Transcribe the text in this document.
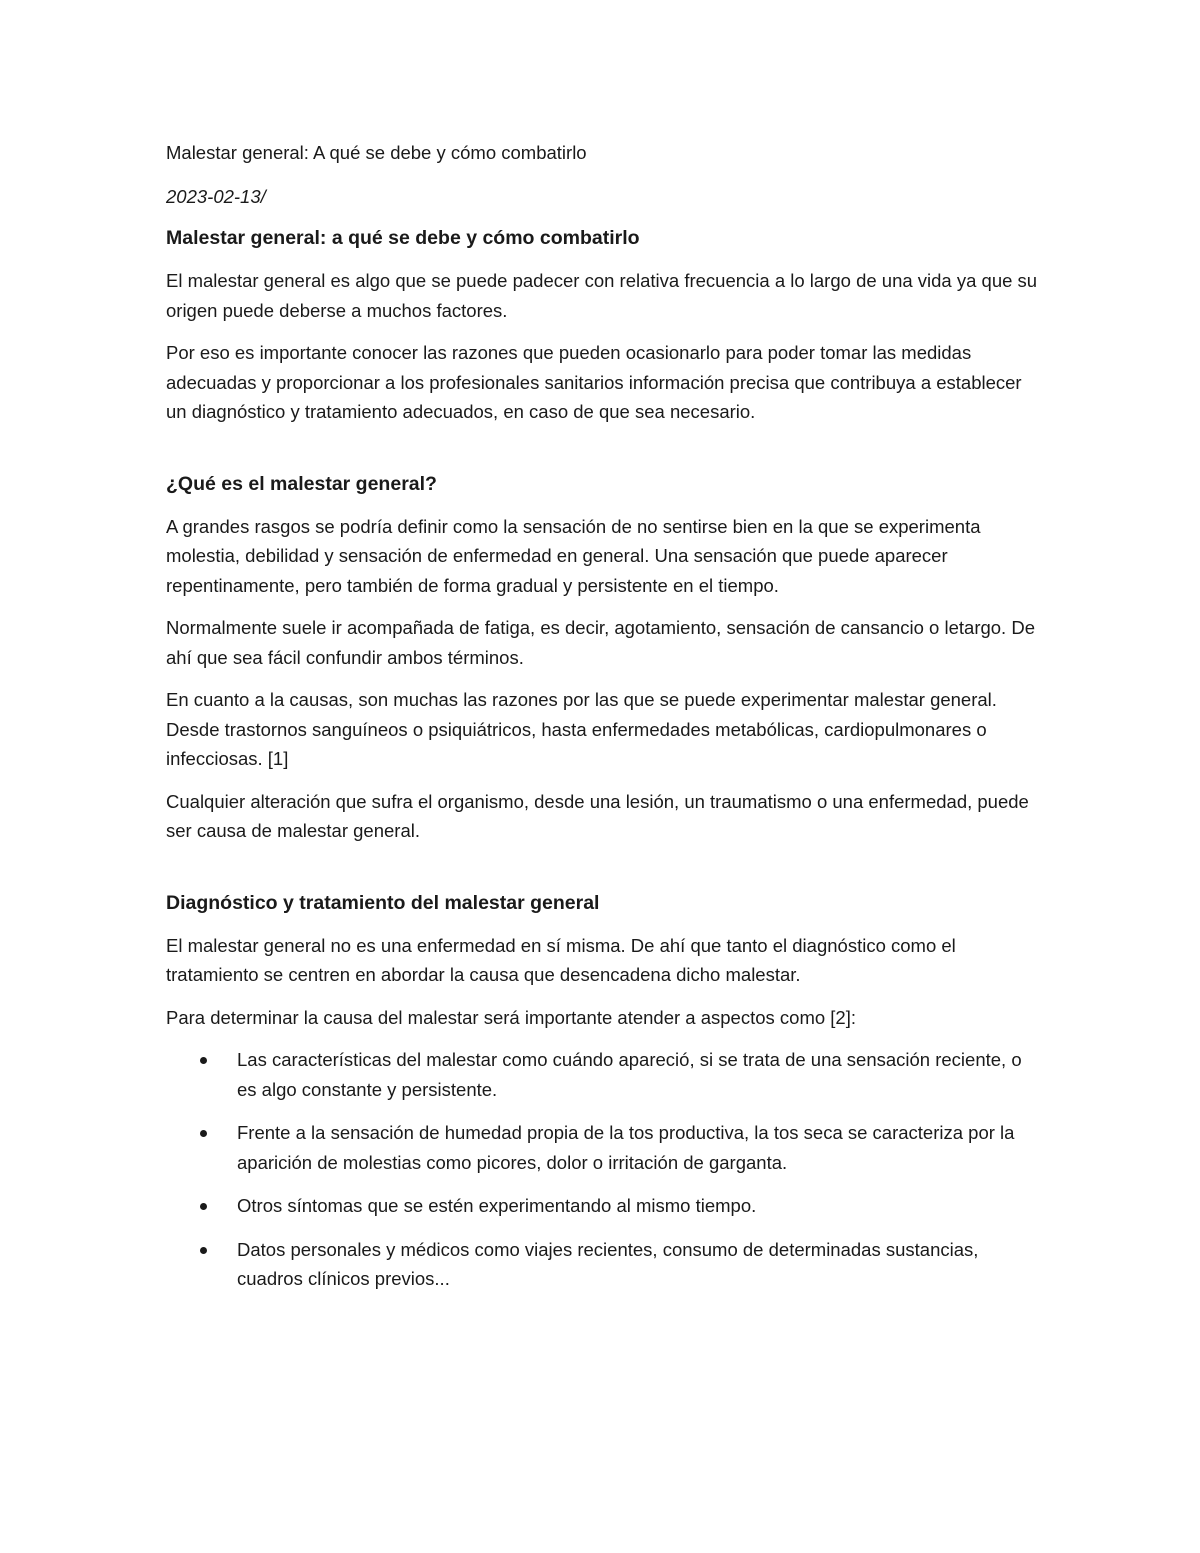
Malestar general: A qué se debe y cómo combatirlo

2023-02-13/

Malestar general: a qué se debe y cómo combatirlo

El malestar general es algo que se puede padecer con relativa frecuencia a lo largo de una vida ya que su origen puede deberse a muchos factores.

Por eso es importante conocer las razones que pueden ocasionarlo para poder tomar las medidas adecuadas y proporcionar a los profesionales sanitarios información precisa que contribuya a establecer un diagnóstico y tratamiento adecuados, en caso de que sea necesario.

¿Qué es el malestar general?

A grandes rasgos se podría definir como la sensación de no sentirse bien en la que se experimenta molestia, debilidad y sensación de enfermedad en general. Una sensación que puede aparecer repentinamente, pero también de forma gradual y persistente en el tiempo.

Normalmente suele ir acompañada de fatiga, es decir, agotamiento, sensación de cansancio o letargo. De ahí que sea fácil confundir ambos términos.

En cuanto a la causas, son muchas las razones por las que se puede experimentar malestar general. Desde trastornos sanguíneos o psiquiátricos, hasta enfermedades metabólicas, cardiopulmonares o infecciosas. [1]

Cualquier alteración que sufra el organismo, desde una lesión, un traumatismo o una enfermedad, puede ser causa de malestar general.

Diagnóstico y tratamiento del malestar general

El malestar general no es una enfermedad en sí misma. De ahí que tanto el diagnóstico como el tratamiento se centren en abordar la causa que desencadena dicho malestar.

Para determinar la causa del malestar será importante atender a aspectos como [2]:

Las características del malestar como cuándo apareció, si se trata de una sensación reciente, o es algo constante y persistente.
Frente a la sensación de humedad propia de la tos productiva, la tos seca se caracteriza por la aparición de molestias como picores, dolor o irritación de garganta.
Otros síntomas que se estén experimentando al mismo tiempo.
Datos personales y médicos como viajes recientes, consumo de determinadas sustancias, cuadros clínicos previos...
